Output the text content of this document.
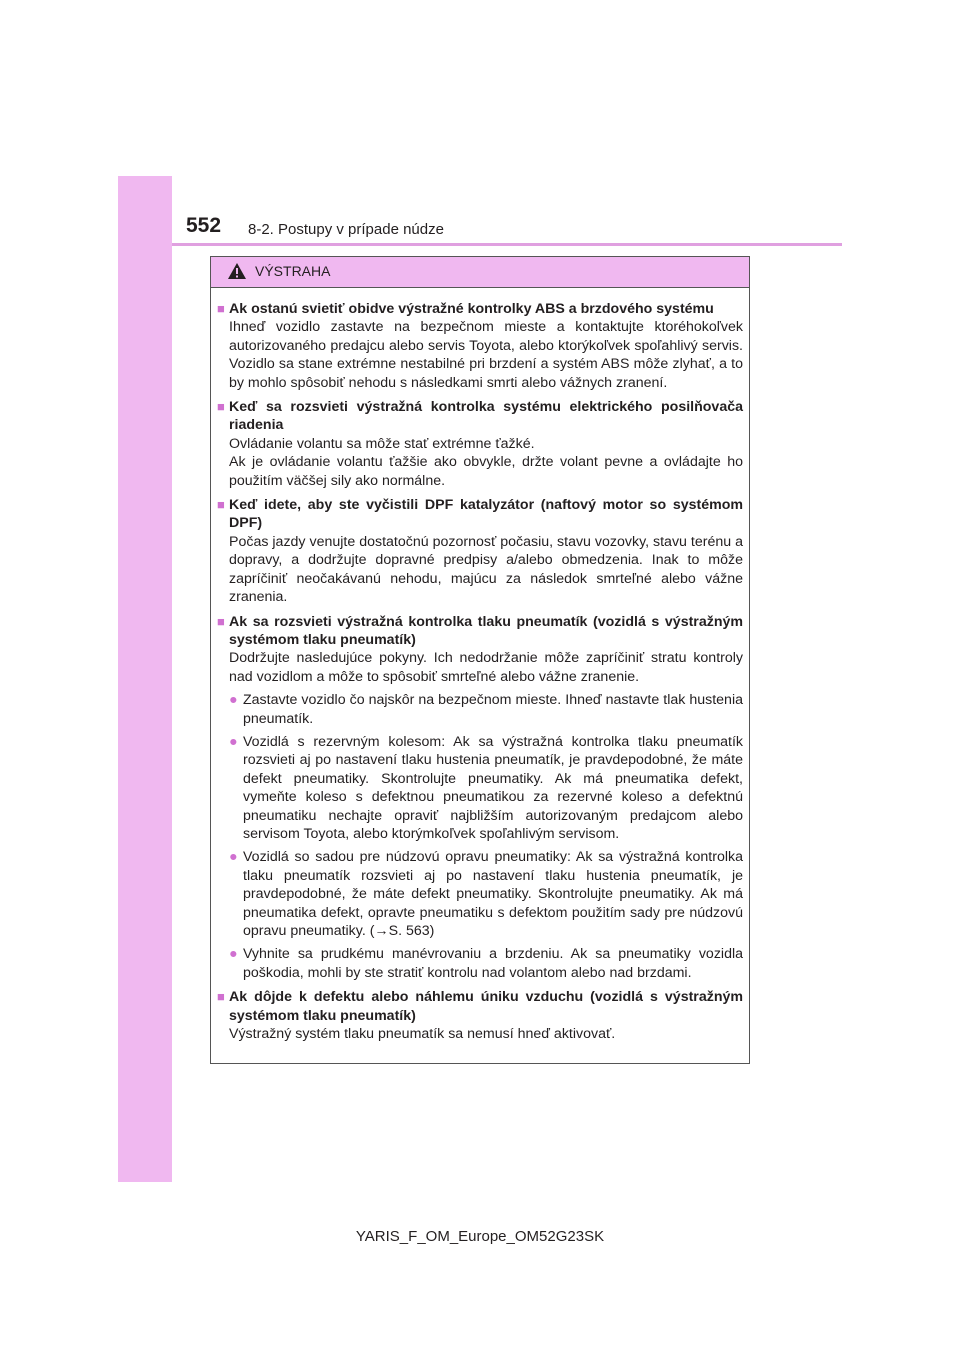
552 8-2. Postupy v prípade núdze
VÝSTRAHA
■
Ak ostanú svietiť obidve výstražné kontrolky ABS a brzdového systému
Ihneď vozidlo zastavte na bezpečnom mieste a kontaktujte ktoréhokoľvek autorizovaného predajcu alebo servis Toyota, alebo ktorýkoľvek spoľahlivý servis. Vozidlo sa stane extrémne nestabilné pri brzdení a systém ABS môže zlyhať, a to by mohlo spôsobiť nehodu s následkami smrti alebo vážnych zranení.
■
Keď sa rozsvieti výstražná kontrolka systému elektrického posilňovača riadenia
Ovládanie volantu sa môže stať extrémne ťažké.
Ak je ovládanie volantu ťažšie ako obvykle, držte volant pevne a ovládajte ho použitím väčšej sily ako normálne.
■
Keď idete, aby ste vyčistili DPF katalyzátor (naftový motor so systémom DPF)
Počas jazdy venujte dostatočnú pozornosť počasiu, stavu vozovky, stavu terénu a dopravy, a dodržujte dopravné predpisy a/alebo obmedzenia. Inak to môže zapríčiniť neočakávanú nehodu, majúcu za následok smrteľné alebo vážne zranenia.
■
Ak sa rozsvieti výstražná kontrolka tlaku pneumatík (vozidlá s výstražným systémom tlaku pneumatík)
Dodržujte nasledujúce pokyny. Ich nedodržanie môže zapríčiniť stratu kontroly nad vozidlom a môže to spôsobiť smrteľné alebo vážne zranenie.
●
Zastavte vozidlo čo najskôr na bezpečnom mieste. Ihneď nastavte tlak hustenia pneumatík.
●
Vozidlá s rezervným kolesom: Ak sa výstražná kontrolka tlaku pneumatík rozsvieti aj po nastavení tlaku hustenia pneumatík, je pravdepodobné, že máte defekt pneumatiky. Skontrolujte pneumatiky. Ak má pneumatika defekt, vymeňte koleso s defektnou pneumatikou za rezervné koleso a defektnú pneumatiku nechajte opraviť najbližším autorizovaným predajcom alebo servisom Toyota, alebo ktorýmkoľvek spoľahlivým servisom.
●
Vozidlá so sadou pre núdzovú opravu pneumatiky: Ak sa výstražná kontrolka tlaku pneumatík rozsvieti aj po nastavení tlaku hustenia pneumatík, je pravdepodobné, že máte defekt pneumatiky. Skontrolujte pneumatiky. Ak má pneumatika defekt, opravte pneumatiku s defektom použitím sady pre núdzovú opravu pneumatiky. (→S. 563)
●
Vyhnite sa prudkému manévrovaniu a brzdeniu. Ak sa pneumatiky vozidla poškodia, mohli by ste stratiť kontrolu nad volantom alebo nad brzdami.
■
Ak dôjde k defektu alebo náhlemu úniku vzduchu (vozidlá s výstražným systémom tlaku pneumatík)
Výstražný systém tlaku pneumatík sa nemusí hneď aktivovať.
YARIS_F_OM_Europe_OM52G23SK
